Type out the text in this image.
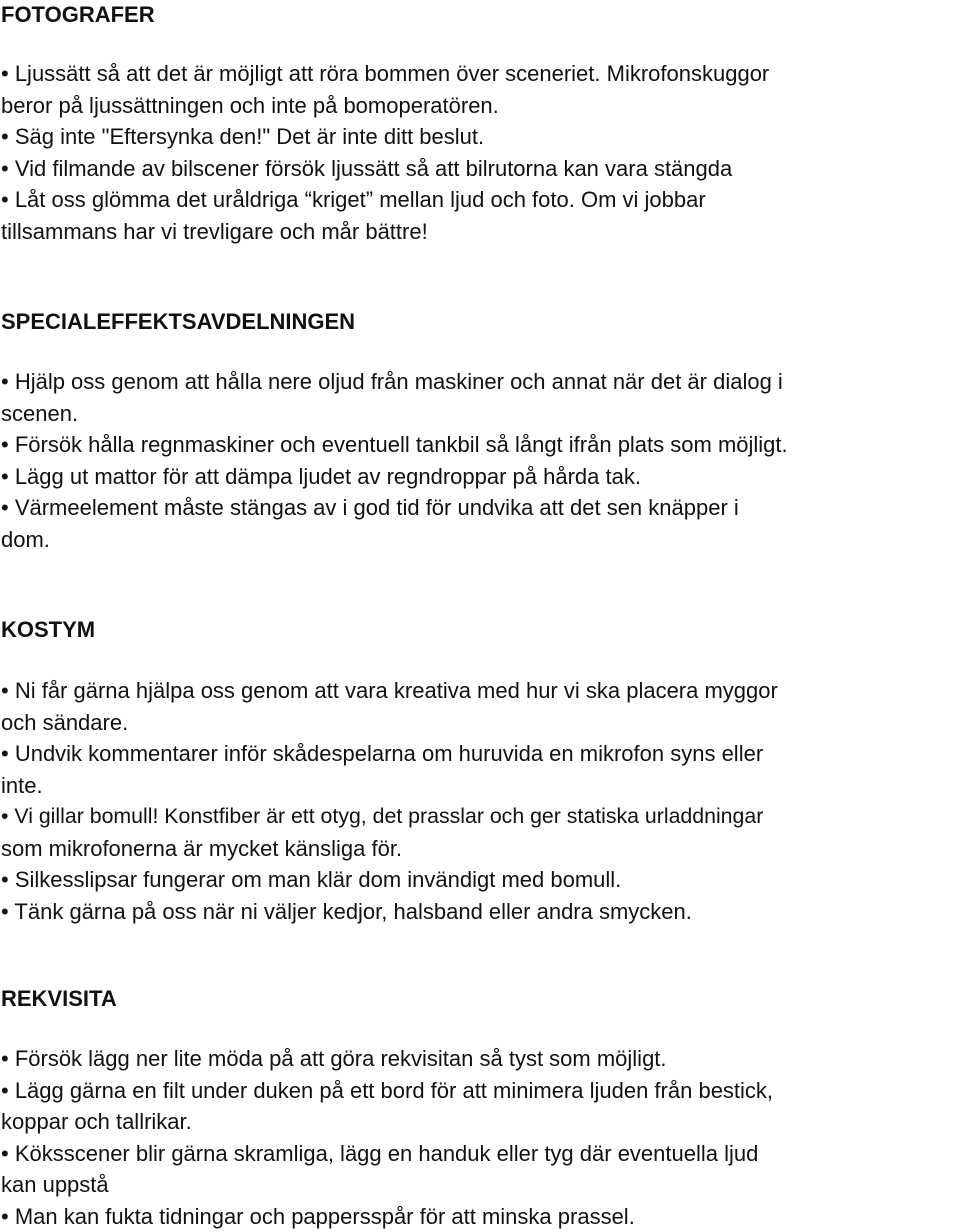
FOTOGRAFER
• Ljussätt så att det är möjligt att röra bommen över sceneriet. Mikrofonskuggor
beror på ljussättningen och inte på bomoperatören.
• Säg inte "Eftersynka den!" Det är inte ditt beslut.
• Vid filmande av bilscener försök ljussätt så att bilrutorna kan vara stängda
• Låt oss glömma det uråldriga “kriget” mellan ljud och foto. Om vi jobbar
tillsammans har vi trevligare och mår bättre!
SPECIALEFFEKTSAVDELNINGEN
• Hjälp oss genom att hålla nere oljud från maskiner och annat när det är dialog i
scenen.
• Försök hålla regnmaskiner och eventuell tankbil så långt ifrån plats som möjligt.
• Lägg ut mattor för att dämpa ljudet av regndroppar på hårda tak.
• Värmeelement måste stängas av i god tid för undvika att det sen knäpper i
dom.
KOSTYM
• Ni får gärna hjälpa oss genom att vara kreativa med hur vi ska placera myggor
och sändare.
• Undvik kommentarer inför skådespelarna om huruvida en mikrofon syns eller
inte.
• Vi gillar bomull! Konstfiber är ett otyg, det prasslar och ger statiska urladdningar
som mikrofonerna är mycket känsliga för.
• Silkesslipsar fungerar om man klär dom invändigt med bomull.
• Tänk gärna på oss när ni väljer kedjor, halsband eller andra smycken.
REKVISITA
• Försök lägg ner lite möda på att göra rekvisitan så tyst som möjligt.
• Lägg gärna en filt under duken på ett bord för att minimera ljuden från bestick,
koppar och tallrikar.
• Köksscener blir gärna skramliga, lägg en handuk eller tyg där eventuella ljud
kan uppstå
• Man kan fukta tidningar och pappersspår för att minska prassel.
